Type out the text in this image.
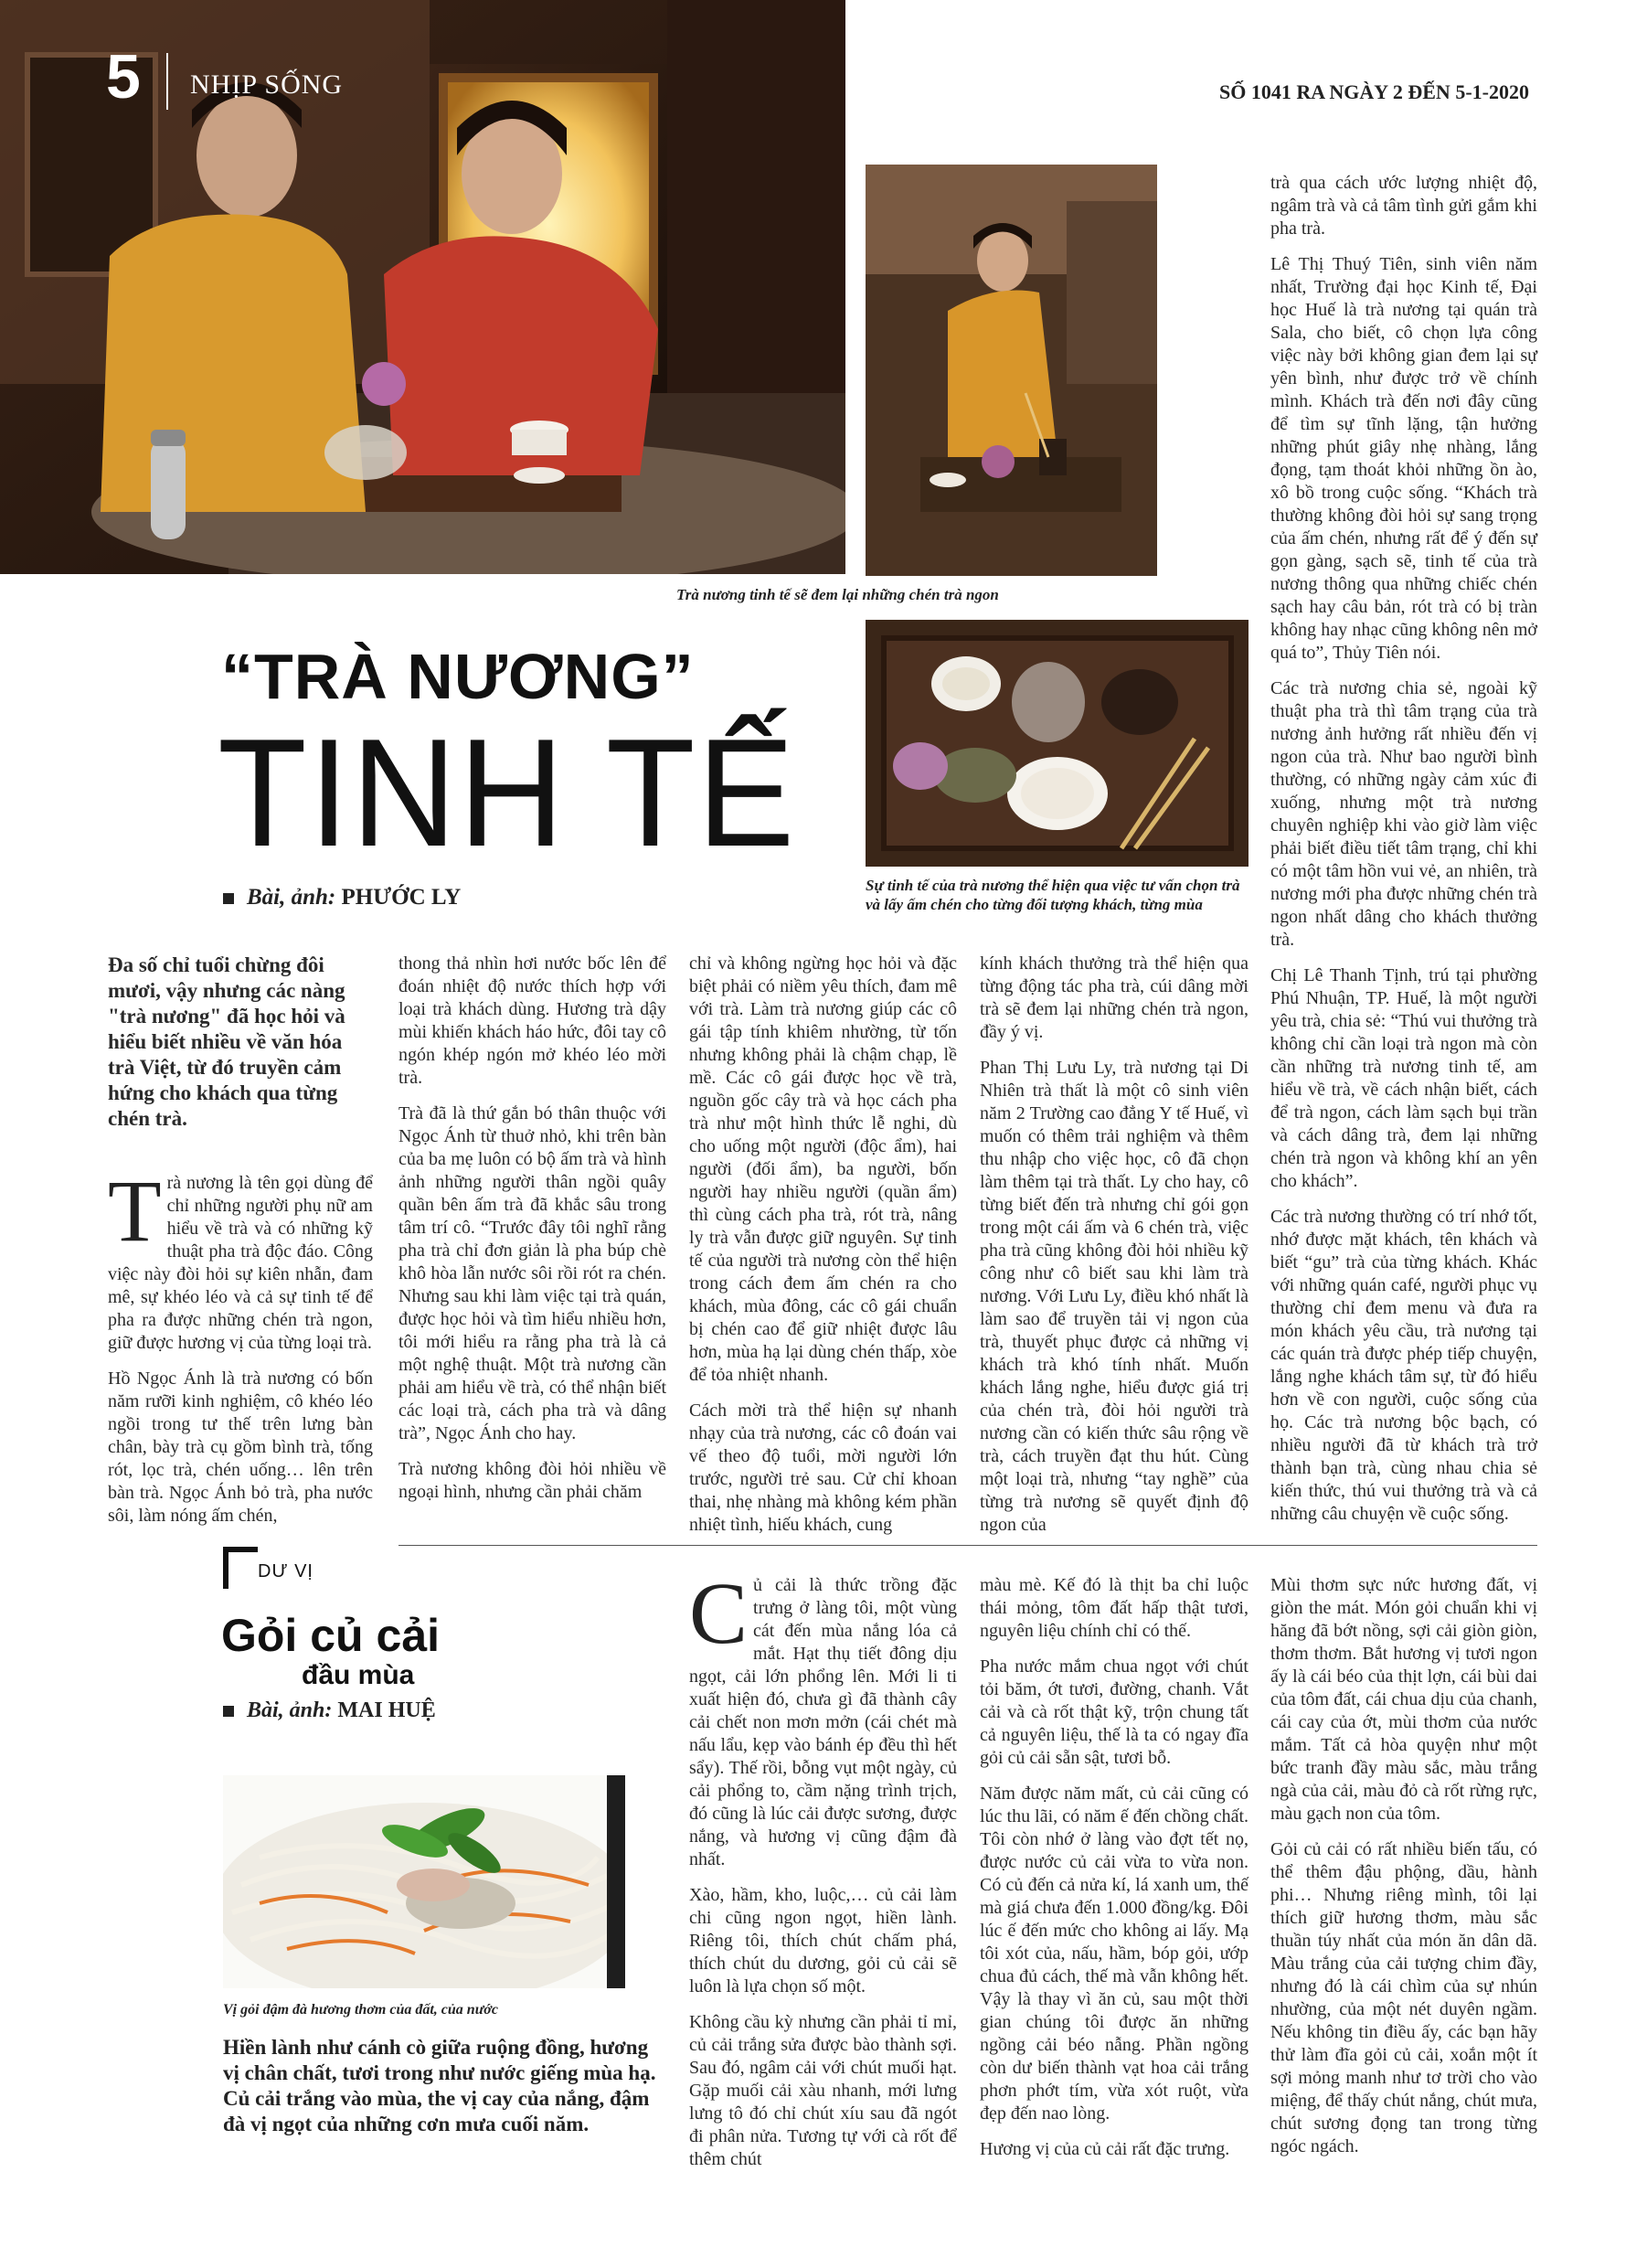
5 NHỊP SỐNG	SỐ 1041 RA NGÀY 2 ĐẾN 5-1-2020
Trà nương tinh tế sẽ đem lại những chén trà ngon
Sự tinh tế của trà nương thể hiện qua việc tư vấn chọn trà và lấy ấm chén cho từng đối tượng khách, từng mùa
“TRÀ NƯƠNG”
TINH TẾ
Bài, ảnh: PHƯỚC LY

Đa số chỉ tuổi chừng đôi mươi, vậy nhưng các nàng "trà nương" đã học hỏi và hiểu biết nhiều về văn hóa trà Việt, từ đó truyền cảm hứng cho khách qua từng chén trà.

Trà nương là tên gọi dùng để chỉ những người phụ nữ am hiểu về trà và có những kỹ thuật pha trà độc đáo. Công việc này đòi hỏi sự kiên nhẫn, đam mê, sự khéo léo và cả sự tinh tế để pha ra được những chén trà ngon, giữ được hương vị của từng loại trà.

Hồ Ngọc Ánh là trà nương có bốn năm rưỡi kinh nghiệm, cô khéo léo ngồi trong tư thế trên lưng bàn chân, bày trà cụ gồm bình trà, tống rót, lọc trà, chén uống… lên trên bàn trà. Ngọc Ánh bỏ trà, pha nước sôi, làm nóng ấm chén,

thong thả nhìn hơi nước bốc lên để đoán nhiệt độ nước thích hợp với loại trà khách dùng. Hương trà dậy mùi khiến khách háo hức, đôi tay cô ngón khép ngón mở khéo léo mời trà.

Trà đã là thứ gắn bó thân thuộc với Ngọc Ánh từ thuở nhỏ, khi trên bàn của ba mẹ luôn có bộ ấm trà và hình ảnh những người thân ngồi quây quần bên ấm trà đã khắc sâu trong tâm trí cô. “Trước đây tôi nghĩ rằng pha trà chỉ đơn giản là pha búp chè khô hòa lẫn nước sôi rồi rót ra chén. Nhưng sau khi làm việc tại trà quán, được học hỏi và tìm hiểu nhiều hơn, tôi mới hiểu ra rằng pha trà là cả một nghệ thuật. Một trà nương cần phải am hiểu về trà, có thể nhận biết các loại trà, cách pha trà và dâng trà”, Ngọc Ánh cho hay.

Trà nương không đòi hỏi nhiều về ngoại hình, nhưng cần phải chăm

chỉ và không ngừng học hỏi và đặc biệt phải có niềm yêu thích, đam mê với trà. Làm trà nương giúp các cô gái tập tính khiêm nhường, từ tốn nhưng không phải là chậm chạp, lề mề. Các cô gái được học về trà, nguồn gốc cây trà và học cách pha trà như một hình thức lễ nghi, dù cho uống một người (độc ẩm), hai người (đối ẩm), ba người, bốn người hay nhiều người (quần ẩm) thì cùng cách pha trà, rót trà, nâng ly trà vẫn được giữ nguyên. Sự tinh tế của người trà nương còn thể hiện trong cách đem ấm chén ra cho khách, mùa đông, các cô gái chuẩn bị chén cao để giữ nhiệt được lâu hơn, mùa hạ lại dùng chén thấp, xòe để tỏa nhiệt nhanh.

Cách mời trà thể hiện sự nhanh nhạy của trà nương, các cô đoán vai vế theo độ tuổi, mời người lớn trước, người trẻ sau. Cử chỉ khoan thai, nhẹ nhàng mà không kém phần nhiệt tình, hiếu khách, cung

kính khách thưởng trà thể hiện qua từng động tác pha trà, cúi dâng mời trà sẽ đem lại những chén trà ngon, đầy ý vị.

Phan Thị Lưu Ly, trà nương tại Di Nhiên trà thất là một cô sinh viên năm 2 Trường cao đẳng Y tế Huế, vì muốn có thêm trải nghiệm và thêm thu nhập cho việc học, cô đã chọn làm thêm tại trà thất. Ly cho hay, cô từng biết đến trà nhưng chỉ gói gọn trong một cái ấm và 6 chén trà, việc pha trà cũng không đòi hỏi nhiều kỹ công như cô biết sau khi làm trà nương. Với Lưu Ly, điều khó nhất là làm sao để truyền tải vị ngon của trà, thuyết phục được cả những vị khách trà khó tính nhất. Muốn khách lắng nghe, hiểu được giá trị của chén trà, đòi hỏi người trà nương cần có kiến thức sâu rộng về trà, cách truyền đạt thu hút. Cùng một loại trà, nhưng “tay nghề” của từng trà nương sẽ quyết định độ ngon của

trà qua cách ước lượng nhiệt độ, ngâm trà và cả tâm tình gửi gắm khi pha trà.

Lê Thị Thuý Tiên, sinh viên năm nhất, Trường đại học Kinh tế, Đại học Huế là trà nương tại quán trà Sala, cho biết, cô chọn lựa công việc này bởi không gian đem lại sự yên bình, như được trở về chính mình. Khách trà đến nơi đây cũng để tìm sự tĩnh lặng, tận hưởng những phút giây nhẹ nhàng, lắng đọng, tạm thoát khỏi những ồn ào, xô bồ trong cuộc sống. “Khách trà thường không đòi hỏi sự sang trọng của ấm chén, nhưng rất để ý đến sự gọn gàng, sạch sẽ, tinh tế của trà nương thông qua những chiếc chén sạch hay câu bản, rót trà có bị tràn không hay nhạc cũng không nên mở quá to”, Thủy Tiên nói.

Các trà nương chia sẻ, ngoài kỹ thuật pha trà thì tâm trạng của trà nương ảnh hưởng rất nhiều đến vị ngon của trà. Như bao người bình thường, có những ngày cảm xúc đi xuống, nhưng một trà nương chuyên nghiệp khi vào giờ làm việc phải biết điều tiết tâm trạng, chỉ khi có một tâm hồn vui vẻ, an nhiên, trà nương mới pha được những chén trà ngon nhất dâng cho khách thưởng trà.

Chị Lê Thanh Tịnh, trú tại phường Phú Nhuận, TP. Huế, là một người yêu trà, chia sẻ: “Thú vui thưởng trà không chỉ cần loại trà ngon mà còn cần những trà nương tinh tế, am hiểu về trà, về cách nhận biết, cách để trà ngon, cách làm sạch bụi trần và cách dâng trà, đem lại những chén trà ngon và không khí an yên cho khách”.

Các trà nương thường có trí nhớ tốt, nhớ được mặt khách, tên khách và biết “gu” trà của từng khách. Khác với những quán café, người phục vụ thường chỉ đem menu và đưa ra món khách yêu cầu, trà nương tại các quán trà được phép tiếp chuyện, lắng nghe khách tâm sự, từ đó hiểu hơn về con người, cuộc sống của họ. Các trà nương bộc bạch, có nhiều người đã từ khách trà trở thành bạn trà, cùng nhau chia sẻ kiến thức, thú vui thưởng trà và cả những câu chuyện về cuộc sống.

DƯ VỊ
Gỏi củ cải
đầu mùa
Bài, ảnh: MAI HUỆ
Vị gỏi đậm đà hương thơm của đất, của nước
Hiền lành như cánh cò giữa ruộng đồng, hương vị chân chất, tươi trong như nước giếng mùa hạ. Củ cải trắng vào mùa, the vị cay của nắng, đậm đà vị ngọt của những cơn mưa cuối năm.

Củ cải là thức trồng đặc trưng ở làng tôi, một vùng cát đến mùa nắng lóa cả mắt. Hạt thụ tiết đông dịu ngọt, cải lớn phổng lên. Mới li ti xuất hiện đó, chưa gì đã thành cây cải chết non mơn mởn (cái chét mà nấu lẩu, kẹp vào bánh ép đều thì hết sẩy). Thế rồi, bỗng vụt một ngày, củ cải phổng to, cầm nặng trình trịch, đó cũng là lúc cải được sương, được nắng, và hương vị cũng đậm đà nhất.

Xào, hầm, kho, luộc,… củ cải làm chi cũng ngon ngọt, hiền lành. Riêng tôi, thích chút chấm phá, thích chút du dương, gỏi củ cải sẽ luôn là lựa chọn số một.

Không cầu kỳ nhưng cần phải tỉ mỉ, củ cải trắng sửa được bào thành sợi. Sau đó, ngâm cải với chút muối hạt. Gặp muối cải xàu nhanh, mới lưng lưng tô đó chỉ chút xíu sau đã ngót đi phân nửa. Tương tự với cà rốt để thêm chút

màu mè. Kế đó là thịt ba chỉ luộc thái mỏng, tôm đất hấp thật tươi, nguyên liệu chính chỉ có thế.

Pha nước mắm chua ngọt với chút tỏi băm, ớt tươi, đường, chanh. Vắt cải và cà rốt thật kỹ, trộn chung tất cả nguyên liệu, thế là ta có ngay đĩa gỏi củ cải sẵn sật, tươi bỗ.

Năm được năm mất, củ cải cũng có lúc thu lãi, có năm ế đến chồng chất. Tôi còn nhớ ở làng vào đợt tết nọ, được nước củ cải vừa to vừa non. Có củ đến cả nửa kí, lá xanh um, thế mà giá chưa đến 1.000 đồng/kg. Đôi lúc ế đến mức cho không ai lấy. Mạ tôi xót của, nấu, hầm, bóp gỏi, ướp chua đủ cách, thế mà vẫn không hết. Vậy là thay vì ăn củ, sau một thời gian chúng tôi được ăn những ngồng cải béo nẫng. Phần ngồng còn dư biến thành vạt hoa cải trắng phơn phớt tím, vừa xót ruột, vừa đẹp đến nao lòng.

Hương vị của củ cải rất đặc trưng.

Mùi thơm sực nức hương đất, vị giòn the mát. Món gỏi chuẩn khi vị hăng đã bớt nồng, sợi cải giòn giòn, thơm thơm. Bắt hương vị tươi ngon ấy là cái béo của thịt lợn, cái bùi dai của tôm đất, cái chua dịu của chanh, cái cay của ớt, mùi thơm của nước mắm. Tất cả hòa quyện như một bức tranh đầy màu sắc, màu trắng ngà của cải, màu đỏ cà rốt rừng rực, màu gạch non của tôm.

Gỏi củ cải có rất nhiều biến tấu, có thể thêm đậu phộng, dầu, hành phi… Nhưng riêng mình, tôi lại thích giữ hương thơm, màu sắc thuần túy nhất của món ăn dân dã. Màu trắng của cải tượng chim đầy, nhưng đó là cái chìm của sự nhún nhường, của một nét duyên ngầm. Nếu không tin điều ấy, các bạn hãy thử làm đĩa gỏi củ cải, xoắn một ít sợi mỏng manh như tơ trời cho vào miệng, để thấy chút nắng, chút mưa, chút sương đọng tan trong từng ngóc ngách.
